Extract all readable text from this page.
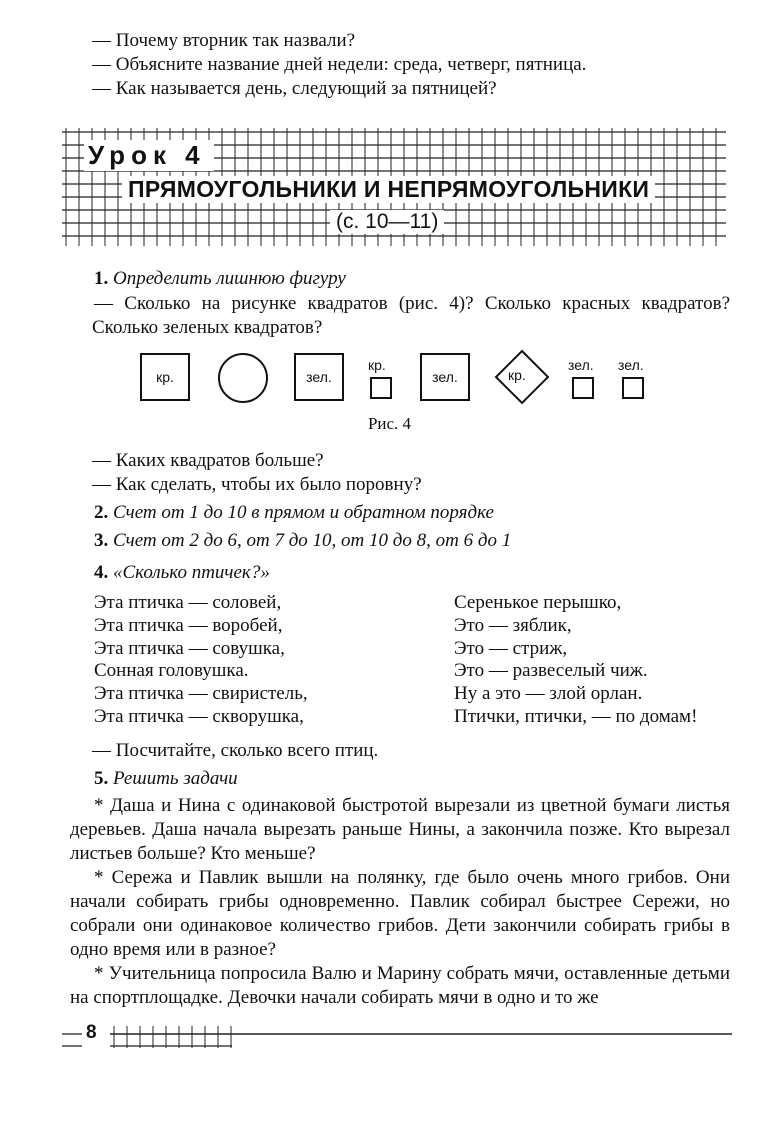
— Почему вторник так назвали?
— Объясните название дней недели: среда, четверг, пятница.
— Как называется день, следующий за пятницей?
Урок 4
ПРЯМОУГОЛЬНИКИ И НЕПРЯМОУГОЛЬНИКИ
(с. 10—11)
1. Определить лишнюю фигуру
— Сколько на рисунке квадратов (рис. 4)? Сколько красных квадратов? Сколько зеленых квадратов?
кр.	зел.
кр.
зел.	кр.
зел. зел.
Рис. 4
— Каких квадратов больше?
— Как сделать, чтобы их было поровну?
2. Счет от 1 до 10 в прямом и обратном порядке
3. Счет от 2 до 6, от 7 до 10, от 10 до 8, от 6 до 1
4. «Сколько птичек?»
Эта птичка — соловей,
Эта птичка — воробей,
Эта птичка — совушка,
Сонная головушка.
Эта птичка — свиристель,
Эта птичка — скворушка,
Серенькое перышко,
Это — зяблик,
Это — стриж,
Это — развеселый чиж.
Ну а это — злой орлан.
Птички, птички, — по домам!
— Посчитайте, сколько всего птиц.
5. Решить задачи
* Даша и Нина с одинаковой быстротой вырезали из цветной бумаги листья деревьев. Даша начала вырезать раньше Нины, а закончила позже. Кто вырезал листьев больше? Кто меньше?
* Сережа и Павлик вышли на полянку, где было очень много грибов. Они начали собирать грибы одновременно. Павлик собирал быстрее Сережи, но собрали они одинаковое количество грибов. Дети закончили собирать грибы в одно время или в разное?
* Учительница попросила Валю и Марину собрать мячи, оставленные детьми на спортплощадке. Девочки начали собирать мячи в одно и то же
8
